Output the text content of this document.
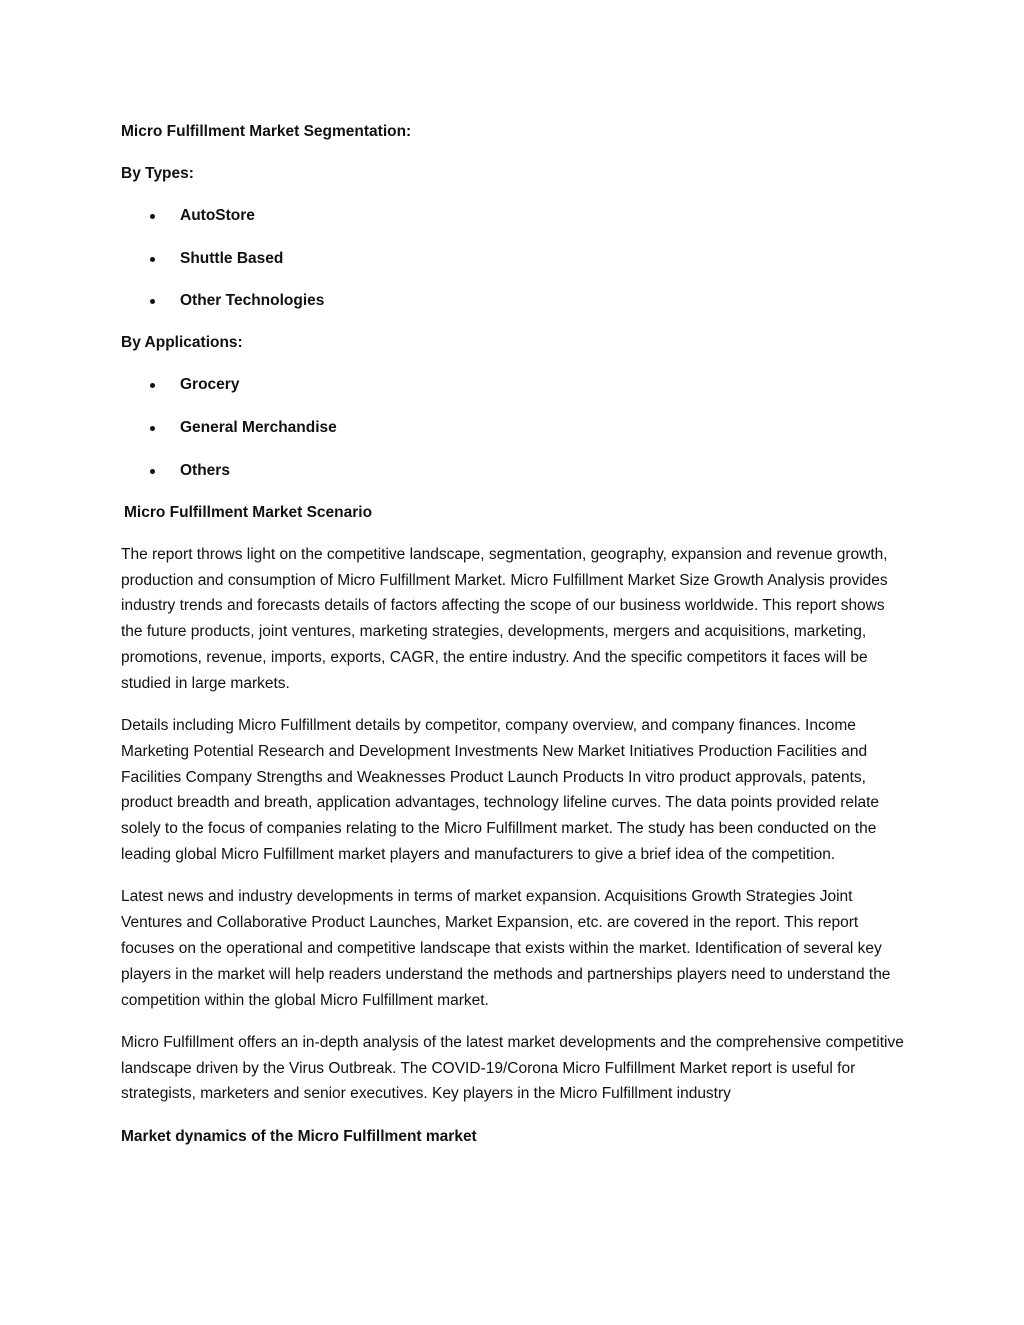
Micro Fulfillment Market Segmentation:
By Types:
AutoStore
Shuttle Based
Other Technologies
By Applications:
Grocery
General Merchandise
Others
Micro Fulfillment Market Scenario

The report throws light on the competitive landscape, segmentation, geography, expansion and revenue growth, production and consumption of Micro Fulfillment Market. Micro Fulfillment Market Size Growth Analysis provides industry trends and forecasts details of factors affecting the scope of our business worldwide. This report shows the future products, joint ventures, marketing strategies, developments, mergers and acquisitions, marketing, promotions, revenue, imports, exports, CAGR, the entire industry. And the specific competitors it faces will be studied in large markets.

Details including Micro Fulfillment details by competitor, company overview, and company finances. Income Marketing Potential Research and Development Investments New Market Initiatives Production Facilities and Facilities Company Strengths and Weaknesses Product Launch Products In vitro product approvals, patents, product breadth and breath, application advantages, technology lifeline curves. The data points provided relate solely to the focus of companies relating to the Micro Fulfillment market. The study has been conducted on the leading global Micro Fulfillment market players and manufacturers to give a brief idea of the competition.

Latest news and industry developments in terms of market expansion. Acquisitions Growth Strategies Joint Ventures and Collaborative Product Launches, Market Expansion, etc. are covered in the report. This report focuses on the operational and competitive landscape that exists within the market. Identification of several key players in the market will help readers understand the methods and partnerships players need to understand the competition within the global Micro Fulfillment market.

Micro Fulfillment offers an in-depth analysis of the latest market developments and the comprehensive competitive landscape driven by the Virus Outbreak. The COVID-19/Corona Micro Fulfillment Market report is useful for strategists, marketers and senior executives. Key players in the Micro Fulfillment industry

Market dynamics of the Micro Fulfillment market
